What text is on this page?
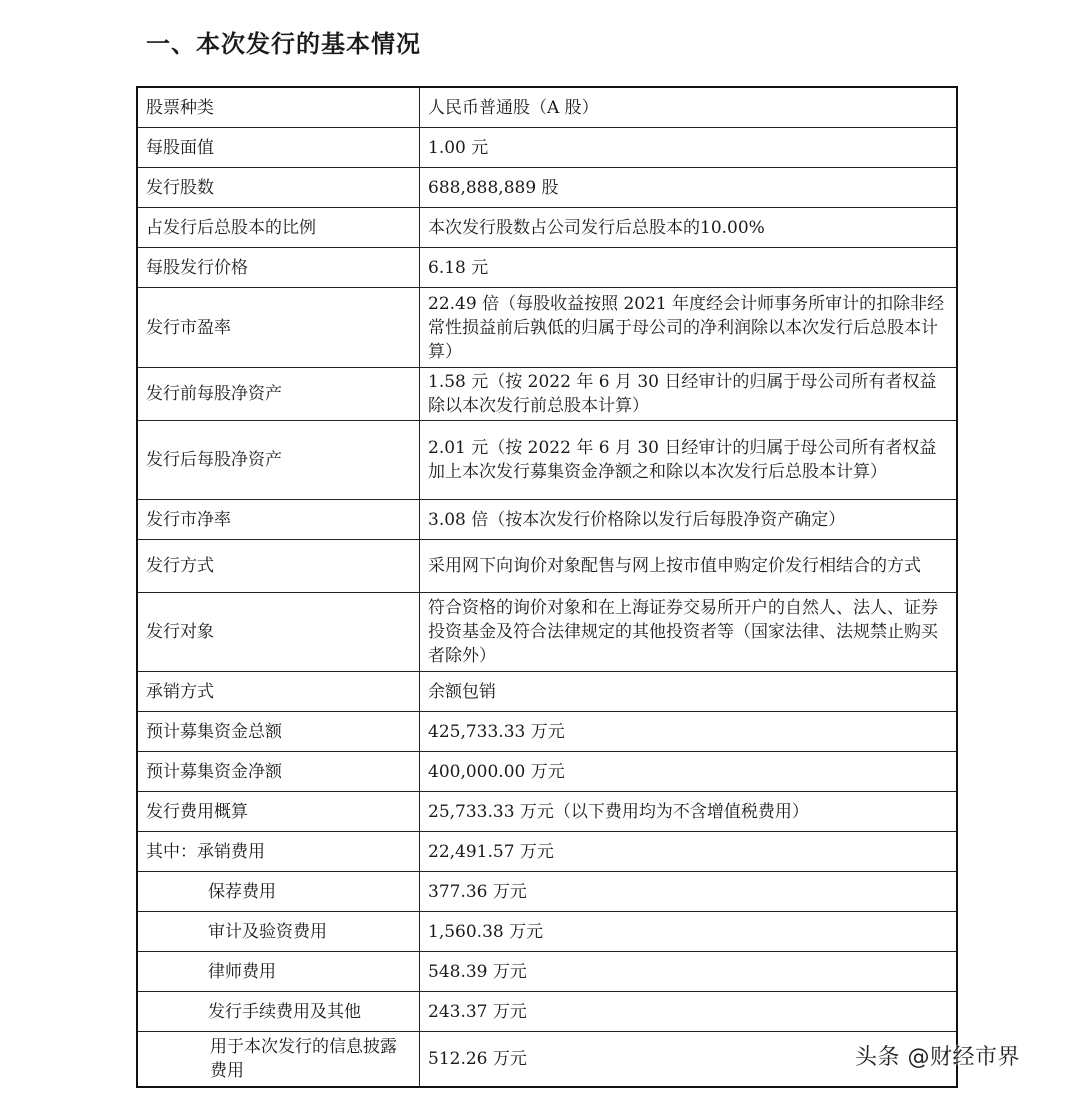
一、本次发行的基本情况
股票种类	人民币普通股（A 股）
每股面值	1.00 元
发行股数	688,888,889 股
占发行后总股本的比例	本次发行股数占公司发行后总股本的10.00%
每股发行价格	6.18 元
发行市盈率	22.49 倍（每股收益按照 2021 年度经会计师事务所审计的扣除非经常性损益前后孰低的归属于母公司的净利润除以本次发行后总股本计算）
发行前每股净资产	1.58 元（按 2022 年 6 月 30 日经审计的归属于母公司所有者权益除以本次发行前总股本计算）
发行后每股净资产	2.01 元（按 2022 年 6 月 30 日经审计的归属于母公司所有者权益加上本次发行募集资金净额之和除以本次发行后总股本计算）
发行市净率	3.08 倍（按本次发行价格除以发行后每股净资产确定）
发行方式	采用网下向询价对象配售与网上按市值申购定价发行相结合的方式
发行对象	符合资格的询价对象和在上海证券交易所开户的自然人、法人、证券投资基金及符合法律规定的其他投资者等（国家法律、法规禁止购买者除外）
承销方式	余额包销
预计募集资金总额	425,733.33 万元
预计募集资金净额	400,000.00 万元
发行费用概算	25,733.33 万元（以下费用均为不含增值税费用）
其中：承销费用	22,491.57 万元
保荐费用	377.36 万元
审计及验资费用	1,560.38 万元
律师费用	548.39 万元
发行手续费用及其他	243.37 万元
用于本次发行的信息披露费用	512.26 万元	头条 @财经市界
